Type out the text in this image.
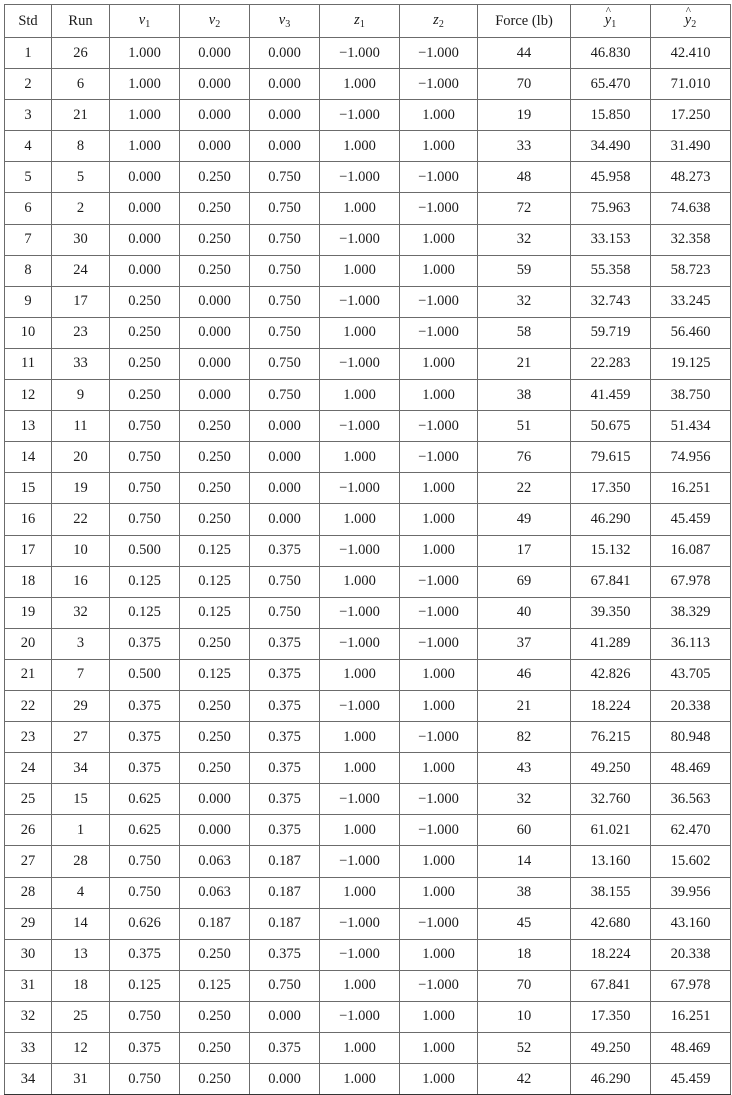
Std	Run	$v_1$	$v_2$	$v_3$	$z_1$	$z_2$	Force (lb)	^ $y_1$	^ $y_2$
1	26	1.000	0.000	0.000	−1.000	−1.000	44	46.830	42.410
2	6	1.000	0.000	0.000	1.000	−1.000	70	65.470	71.010
3	21	1.000	0.000	0.000	−1.000	1.000	19	15.850	17.250
4	8	1.000	0.000	0.000	1.000	1.000	33	34.490	31.490
5	5	0.000	0.250	0.750	−1.000	−1.000	48	45.958	48.273
6	2	0.000	0.250	0.750	1.000	−1.000	72	75.963	74.638
7	30	0.000	0.250	0.750	−1.000	1.000	32	33.153	32.358
8	24	0.000	0.250	0.750	1.000	1.000	59	55.358	58.723
9	17	0.250	0.000	0.750	−1.000	−1.000	32	32.743	33.245
10	23	0.250	0.000	0.750	1.000	−1.000	58	59.719	56.460
11	33	0.250	0.000	0.750	−1.000	1.000	21	22.283	19.125
12	9	0.250	0.000	0.750	1.000	1.000	38	41.459	38.750
13	11	0.750	0.250	0.000	−1.000	−1.000	51	50.675	51.434
14	20	0.750	0.250	0.000	1.000	−1.000	76	79.615	74.956
15	19	0.750	0.250	0.000	−1.000	1.000	22	17.350	16.251
16	22	0.750	0.250	0.000	1.000	1.000	49	46.290	45.459
17	10	0.500	0.125	0.375	−1.000	1.000	17	15.132	16.087
18	16	0.125	0.125	0.750	1.000	−1.000	69	67.841	67.978
19	32	0.125	0.125	0.750	−1.000	−1.000	40	39.350	38.329
20	3	0.375	0.250	0.375	−1.000	−1.000	37	41.289	36.113
21	7	0.500	0.125	0.375	1.000	1.000	46	42.826	43.705
22	29	0.375	0.250	0.375	−1.000	1.000	21	18.224	20.338
23	27	0.375	0.250	0.375	1.000	−1.000	82	76.215	80.948
24	34	0.375	0.250	0.375	1.000	1.000	43	49.250	48.469
25	15	0.625	0.000	0.375	−1.000	−1.000	32	32.760	36.563
26	1	0.625	0.000	0.375	1.000	−1.000	60	61.021	62.470
27	28	0.750	0.063	0.187	−1.000	1.000	14	13.160	15.602
28	4	0.750	0.063	0.187	1.000	1.000	38	38.155	39.956
29	14	0.626	0.187	0.187	−1.000	−1.000	45	42.680	43.160
30	13	0.375	0.250	0.375	−1.000	1.000	18	18.224	20.338
31	18	0.125	0.125	0.750	1.000	−1.000	70	67.841	67.978
32	25	0.750	0.250	0.000	−1.000	1.000	10	17.350	16.251
33	12	0.375	0.250	0.375	1.000	1.000	52	49.250	48.469
34	31	0.750	0.250	0.000	1.000	1.000	42	46.290	45.459
